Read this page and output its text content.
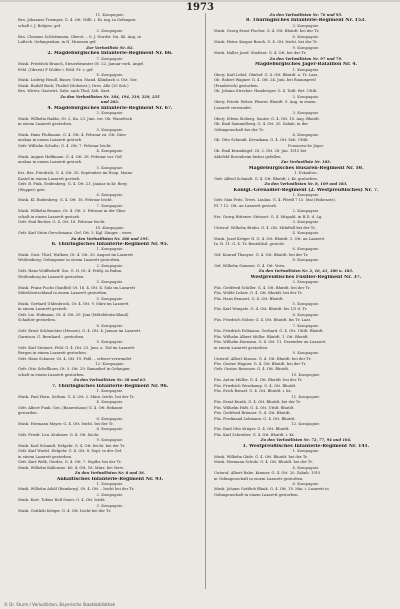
1973
11. Kompagnie.
Res. Johannes Triemper, G. 4. Ott. Willt. i. Kr. ing. in Gefangen-
schaft i. J. Belgien. gef.
2. Kompagnie.
Res. Clemens Schlottmann, Oberst. – G. J. Nordst. Nu. 46. Aug. in
Luftsch. Gefangenkon. in N. Monssen gef.
Zur Verlustliste Nr. 82.
2. Magdeburgisches Infanterie-Regiment Nr. 66.
7. Kompagnie.
Musk. Friedrich Brauch, Steuerbeamter Ot. 22. Januar vorh. Angel
Fehl. (Oberst) F Wolfer i. Feld. Fr. v. gef.
8. Kompagnie.
Musk. Ludwig Hendl, Bauer, Grün. Stand. Klimbach u. Ost. Ger.
Musk. Rudolf Bock, Thaltel (Hohenst.), Dres. Alle (20 Seb.)
Res. Wirter, Gastwirt. Sahr. nach Thal, Seb. Sant.
Zu den Verlustlisten Nr. 184, 194, 210, 229, 235
und 263.
4. Magdeburgisches Infanterie-Regiment Nr. 67.
2. Kompagnie.
Musk. Wilhelm Radke, Ot. 2. Ka. 23. Juni. vor. Ob. Wanettsch
in einem Lazarett gestorben.
3. Kompagnie.
Musk. Hans Flußmann. G. 4. Ott. 4. Februar zu. Ott. Dien-
ausbau in einem Lazarett gestorb.
Gefr. Wilhelm Schultz, G. 4. Ott. 7. Februar leicht.
4. Kompagnie.
Musk. August Hoffmann. G. 4. Ott. 28. Februar vor. Gef.
ausbau in einem Lazarett gestorb.
5. Kompagnie.
Ers. Res. Friedrich, G. 4. Ott. 20. September im Hosp. Mainz-
Kastel in einem Lazarett gestorb.
Gefr. B. Fink, Seidenberg. G. 4. Ott. 23. Januar in Kr. Berg
(Wupper) gest.
6. Kompagnie.
Musk. Kl. Bodenberg. G. 4. Ott. 16. Februar leicht.
7. Kompagnie.
Musk. Wilhelm Braune, Ot. 4. Ott. 3. Februar in der Gfan-
schaft in einem Lazarett gestorb.
Gefr. Paul Becker. G. 4. Ott. 16. Februar leicht.
10. Kompagnie.
Gefr. Karl Stein Gerschmann. Gef. Ott. 5. Kgl. Sänger – verw.
Zu den Verlustlisten Nr. 186 und 195.
6. Thüringisches Infanterie-Regiment Nr. 95.
1. Kompagnie.
Musk. Gust. Thiel, Wulkow, Ot. 4. Ott. 20. August im Lazarett
Weißenburg; Gefangener in einem Lazarett gestorben.
2. Kompagnie.
Gefr. Hans Wolffsdorff. Sos. G. N. Ot. 4. Frühj. in Ruhm.
Weißenburg im Lazarett gestorben.
3. Kompagnie.
Musk. Franz Fuchs (Sanfbit) Ot. 16. 4. Ott. 4. Sulz im Lazarett
Mitteldeutschland in einem Lazarett gestorben.
5. Kompagnie.
Musk. Gerhard Uhlenbrock. Ot. 4. Ott. 9. März im Lazarett
in einem Lazarett gestorb.
Gefr. Lie. Hofmann. Ot. 4. Ott. 29. Juni (Mitteldeutschland)
Schadow gestorben.
6. Kompagnie.
Gefr. Ernst Schleuchter (Hessen). G. 4. Ott. 4. Januar im Lazarett
Garnison. G. Bernhard – gestorben.
9. Kompagnie.
Gefr. Karl Steinert, Fehl. G. 4. Ott. 23. Juni. u. Tod im Lazarett
Bergen in einem Lazarett gestorben.
Gefr. Hans Schauer, Ot. 4. Ott. 19. Fehl. – schwer verwundet
12. Kompagnie.
Gefr. Otto Schellhorn, Ot. 5. Ott. 29. Ramadorf in Gefangen-
schaft in einem Lazarett gestorben.
Zu den Verlustlisten Nr. 38 und 63.
7. Thüringisches Infanterie-Regiment Nr. 96.
1. Kompagnie.
Musk. Paul Horn. Serban. G. 4. Ott. 2. März. leicht. bei der Tr.
4. Kompagnie.
Gefr. Albert Funk. Ges. (Bauernhaus) G. 4. Ott. Bekannt
geworden.
6. Kompagnie.
Musk. Hermann Mayer. G. 4. Ott. leicht. bei der Tr.
8. Kompagnie.
Gefr. Friedr. Leu. Krahmer. G. 4. Ott. leicht.
9. Kompagnie.
Musk. Karl Schmidt. Helgebr. G. 4. Ott. leicht. bei der Tr.
Gefr. Karl Wudel. Helgebr. G. 4. Ott. 8. Sept. in der Gef.
in einem Lazarett gestorben.
Gefr. Kurt Welk, Gerdes, G. 4. Ott. 7. Septbr. bei der Tr.
Musk. Wilhelm Kallensee. Kö. 4. Ott. 16. März. bei Verw.
Zu den Verlustlisten Nr. 8 und 36.
Anhaltisches Infanterie-Regiment Nr. 93.
1. Kompagnie.
Musk. Wilhelm Adolf (Ramberg). Ot. 4. Ott. – leicht bei der Tr.
2. Kompagnie.
Musk. Kurt. Tobias Rolf Sauer. G. 4. Ott. leicht.
3. Kompagnie.
Musk. Gottlieb Krüger. G. 4. Ott. leicht bei der Tr.
Zu den Verlustlisten Nr. 76 und 95.
8. Thüringisches Infanterie-Regiment Nr. 153.
3. Kompagnie.
Musk. Georg Ernst Fischer. G. 4. Ott. Bhutdt. bei der Tr.
6. Kompagnie.
Musk. Heinr. Kaspar Busch. G. 4. Ott. leicht. bei der Tr.
9. Kompagnie.
Musk. Haller Josef. Stadtrat. G. 4. Ott. bei der Tr.
Zu den Verlustlisten Nr. 97 und 79.
Magdeburgisches Jäger-Bataillon Nr. 4.
1. Kompagnie.
Oberj. Karl Lebel. Öhnhof. G. 4. Ott. Bhutdt. u. Tr. Lazz.
Ob. Robert Wagner. G. 4. Ott. 24. Juni. bei Ruaumpreil
(Frankreich) gestorben.
Ob. Johann Strecker. Hamberger. G. 4. Todt. Bet. Uttilt.
2. Kompagnie.
Oberj. Friedr. Weber. Pfarrer. Bhutdt. 9. Aug. in einem
Lazarett verwundet.
3. Kompagnie.
Oberj. Edwin Sieberg. Sauter. G. 4. Ott. 10. Aug. Bhutdt.
Ob. Emil Sammelberg. G. 4. Ott. 20. Zahnb. in der
Gefangenschaft bei der Tr.
4. Kompagnie.
Ob. Otto Schmidt. Kreuzkam. G. 4. Ott. Seb. Uttilt.
Pommersche Jäger.
Ob. Emil Krumbügel. Ot. 2. Ott. 28. Jan. 1915 bei
Ahlefeld Rosenheim bisher gefallen.
Zur Verlustliste Nr. 183.
Magdeburgisches Husaren-Regiment Nr. 10.
1. Eskadron.
Gefr. Alfred Schmidt. G. 4. Ott. Bhutdt. i. Kr. gestorben.
Zu den Verlustlisten Nr. 8, 109 und 183.
Königl.-Grenadier-Regiment (2. Westpreußisches) Nr. 7.
1. Kompagnie.
Gefr. Max Fritz. Trees. Lindau. G. 4. Pferdl 7 15. Mai (Hohenste).
Ff. 7 12. Ott. an Lazarett gestorb.
2. Kompagnie.
Ers. Georg Hittener. Steinort. G. 4. Mizpald. in B.D. d. Lg.
3. Kompagnie.
Unterof. Wilhelm Bruhn. G. 4. Ott. Mtlnftsll bei der Tr.
4. Kompagnie.
Musk. Josef Krüger II. G. 4. Ott. Bhutdt. 1. Ott. an Lazarett
In. R. 11. G. 4. Tr. Bentoldsd. gestorb.
6. Kompagnie.
Gef. Konrad Thaeyne. G. 4. Ott. Bhutdt. bei der Tr.
8. Kompagnie.
Gef. Wilhelm Sommer. G. 4. Ott. Verw.
Zu den Verlustlisten Nr. 2, 16, 41, 180 u. 183.
Westpreußisches Füsilier-Regiment Nr. 37.
2. Kompagnie.
Füs. Gottfried Schiller. G. 4. Ott. Bhutdt. bei der Tr.
Füs. Wolde Lekow. G. 4. Ott. Bhutdt. bei der Tr.
Füs. Hans Rennert. G. 4. Ott. Bhutdt.
5. Kompagnie.
Füs. Karl Wengele. G. 4. Ott. Bhutdt. bis 1/5 d. Tr.
6. Kompagnie.
Füs. Friedrich Nober. G. 4. Ott. Bhutdt. bis Tr. Lazz.
7. Kompagnie.
Füs. Friedrich Pollmann. Gerhard. G. 4. Ott. Uttilt. Bhutdt.
Füs. Wilhelm Albert Müller. Bhutdt. 1. Ott. Bhutdt.
Füs. Wilhelm Hornann. G. 4. Ott. 11. Dezember an Lazarett
in einem Lazarett gestorben.
9. Kompagnie.
Unterof. Albert Krauss. G. 4. Ott. Bhutdt. bei der Tr.
Füs. Gustav Wagner. G. 4. Ott. Bhutdt. bei der Tr.
Gefr. Gustav Rosenow. G. 4. Ott. Bhutdt.
10. Kompagnie.
Füs. Anton Müller. G. 4. Ott. Bhutdt. bei der Tr.
Füs. Friedrich Wesekamp. G. 4. Ott. Bhutdt.
Füs. Erich Benzel. G. 4. Ott. Bhutdt. i. Kr.
11. Kompagnie.
Füs. Ernst Knuth. G. 4. Ott. Bhutdt. bei der Tr.
Füs. Wilhelm Höft. G. 4. Ott. Uttilt. Bhutdt.
Füs. Gottfried Bräuner. G. 4. Ott. Bhutdt.
Füs. Ferdinand Lehmann. G. 4. Ott. Bhutdt.
12. Kompagnie.
Füs. Emil Otto Krüger. G. 4. Ott. Bhutdt.
Füs. Karl Schreiber. G. 4. Ott. Bhutdt. i. Kr.
Zu den Verlustlisten Nr. 72, 77, 94 und 104.
1. Westpreußisches Infanterie-Regiment Nr. 141.
1. Kompagnie.
Musk. Wilhelm Gäde. G. 4. Ott. Bhutdt. bei der Tr.
Musk. Hermann Schulz. G. 4. Ott. Bhutdt. bei der Tr.
4. Kompagnie.
Unterof. Albert Rabe. Kramer. G. 4. Ott. 20. Zahnb. 1915
in Gefangenschaft in einem Lazarett gestorben.
6. Kompagnie.
Musk. Johann Gottlieb Blank. G. 4. Ott. 10. Mai. i. Lazarett in
Gefangenschaft in einem Lazarett gestorben.
© Dr. Sturm / Verlustlisten, Bayerische Staatsbibliothek
